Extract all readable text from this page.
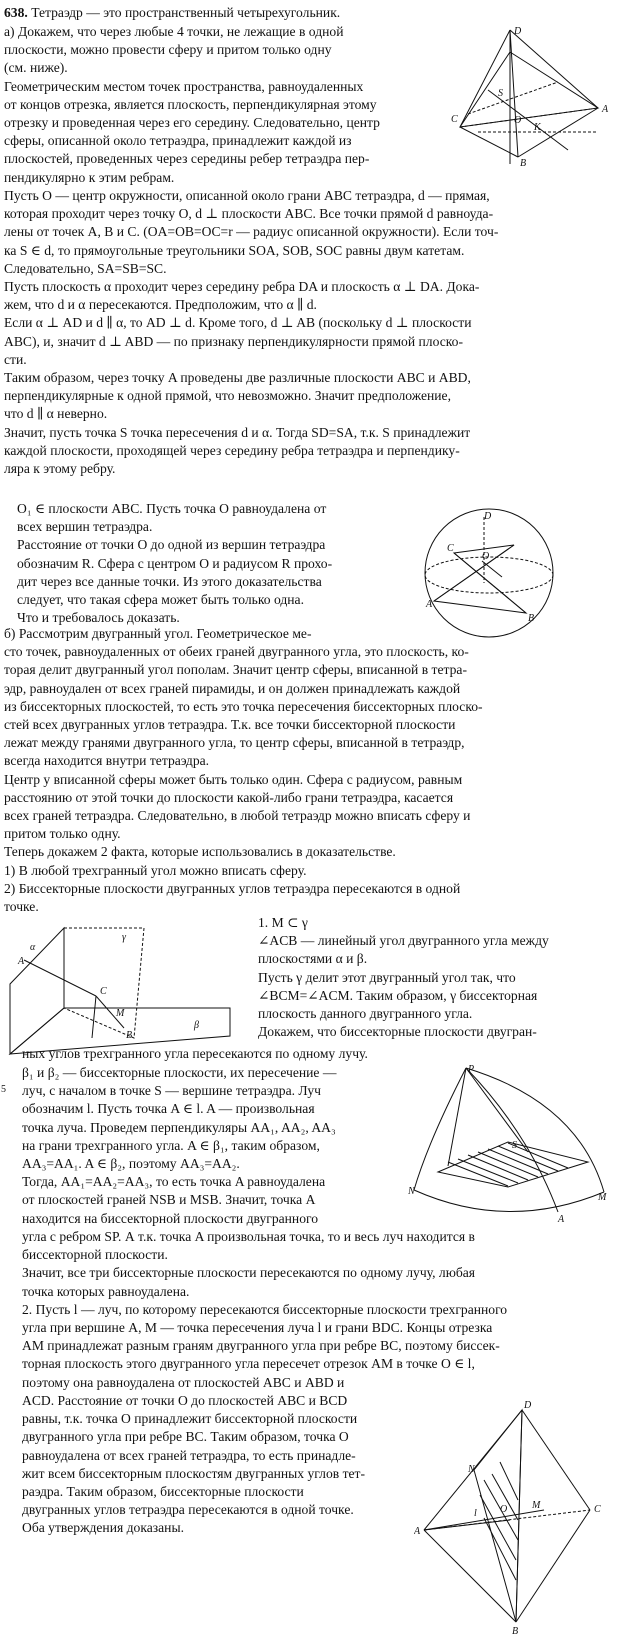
638. Тетраэдр — это пространственный четырехугольник.

а) Докажем, что через любые 4 точки, не лежащие в одной
плоскости, можно провести сферу и притом только одну
(см. ниже).
Геометрическим местом точек пространства, равноудаленных
от концов отрезка, является плоскость, перпендикулярная этому
отрезку и проведенная через его середину. Следовательно, центр
сферы, описанной около тетраэдра, принадлежит каждой из
плоскостей, проведенных через середины ребер тетраэдра пер-
пендикулярно к этим ребрам.

D
S
C	O
A
B
K

Пусть О — центр окружности, описанной около грани ABC тетраэдра, d — прямая,
которая проходит через точку O, d ⊥ плоскости ABC. Все точки прямой d равноуда-
лены от точек A, B и C. (OA=OB=OC=r — радиус описанной окружности). Если точ-
ка S ∈ d, то прямоугольные треугольники SOA, SOB, SOC равны двум катетам.
Следовательно, SA=SB=SC.
Пусть плоскость α проходит через середину ребра DA и плоскость α ⊥ DA. Дока-
жем, что d и α пересекаются. Предположим, что α ∥ d.
Если α ⊥ AD и d ∥ α, то AD ⊥ d. Кроме того, d ⊥ AB (поскольку d ⊥ плоскости
ABC), и, значит d ⊥ ABD — по признаку перпендикулярности прямой плоско-
сти.
Таким образом, через точку A проведены две различные плоскости ABC и ABD,
перпендикулярные к одной прямой, что невозможно. Значит предположение,
что d ∥ α неверно.
Значит, пусть точка S точка пересечения d и α. Тогда SD=SA, т.к. S принадлежит
каждой плоскости, проходящей через середину ребра тетраэдра и перпендику-
ляра к этому ребру.

O₁ ∈ плоскости ABC. Пусть точка O равноудалена от
всех вершин тетраэдра.
Расстояние от точки O до одной из вершин тетраэдра
обозначим R. Сфера с центром O и радиусом R прохо-
дит через все данные точки. Из этого доказательства
следует, что такая сфера может быть только одна.
Что и требовалось доказать.

D
C
O
A
B

б) Рассмотрим двугранный угол. Геометрическое ме-
сто точек, равноудаленных от обеих граней двугранного угла, это плоскость, ко-
торая делит двугранный угол пополам. Значит центр сферы, вписанной в тетра-
эдр, равноудален от всех граней пирамиды, и он должен принадлежать каждой
из биссекторных плоскостей, то есть это точка пересечения биссекторных плоско-
стей всех двугранных углов тетраэдра. Т.к. все точки биссекторной плоскости
лежат между гранями двугранного угла, то центр сферы, вписанной в тетраэдр,
всегда находится внутри тетраэдра.
Центр у вписанной сферы может быть только один. Сфера с радиусом, равным
расстоянию от этой точки до плоскости какой-либо грани тетраэдра, касается
всех граней тетраэдра. Следовательно, в любой тетраэдр можно вписать сферу и
притом только одну.
Теперь докажем 2 факта, которые использовались в доказательстве.
1) В любой трехгранный угол можно вписать сферу.
2) Биссекторные плоскости двугранных углов тетраэдра пересекаются в одной
точке.

α
β
γ
C
M
A
B

1. M ⊂ γ
∠ACB — линейный угол двугранного угла между
плоскостями α и β.
Пусть γ делит этот двугранный угол так, что
∠BCM=∠ACM. Таким образом, γ биссекторная
плоскость данного двугранного угла.
Докажем, что биссекторные плоскости двугран-

ных углов трехгранного угла пересекаются по одному лучу.

5

β₁ и β₂ — биссекторные плоскости, их пересечение —
луч, с началом в точке S — вершине тетраэдра. Луч
обозначим l. Пусть точка A ∈ l. A — произвольная
точка луча. Проведем перпендикуляры AA₁, AA₂, AA₃
на грани трехгранного угла. A ∈ β₁, таким образом,
AA₃=AA₁. A ∈ β₂, поэтому AA₃=AA₂.
Тогда, AA₁=AA₂=AA₃, то есть точка A равноудалена
от плоскостей граней NSB и MSB. Значит, точка A
находится на биссекторной плоскости двугранного

P
S
N
M
A

угла с ребром SP. А т.к. точка A произвольная точка, то и весь луч находится в
биссекторной плоскости.
Значит, все три биссекторные плоскости пересекаются по одному лучу, любая
точка которых равноудалена.
2. Пусть l — луч, по которому пересекаются биссекторные плоскости трехгранного
угла при вершине A, M — точка пересечения луча l и грани BDC. Концы отрезка
AM принадлежат разным граням двугранного угла при ребре BC, поэтому биссек-
торная плоскость этого двугранного угла пересечет отрезок AM в точке O ∈ l,
поэтому она равноудалена от плоскостей ABC и ABD и

ACD. Расстояние от точки O до плоскостей ABC и BCD
равны, т.к. точка O принадлежит биссекторной плоскости
двугранного угла при ребре BC. Таким образом, точка O
равноудалена от всех граней тетраэдра, то есть принадле-
жит всем биссекторным плоскостям двугранных углов тет-
раэдра. Таким образом, биссекторные плоскости
двугранных углов тетраэдра пересекаются в одной точке.
Оба утверждения доказаны.

D
N
A
O M	C
l
B
